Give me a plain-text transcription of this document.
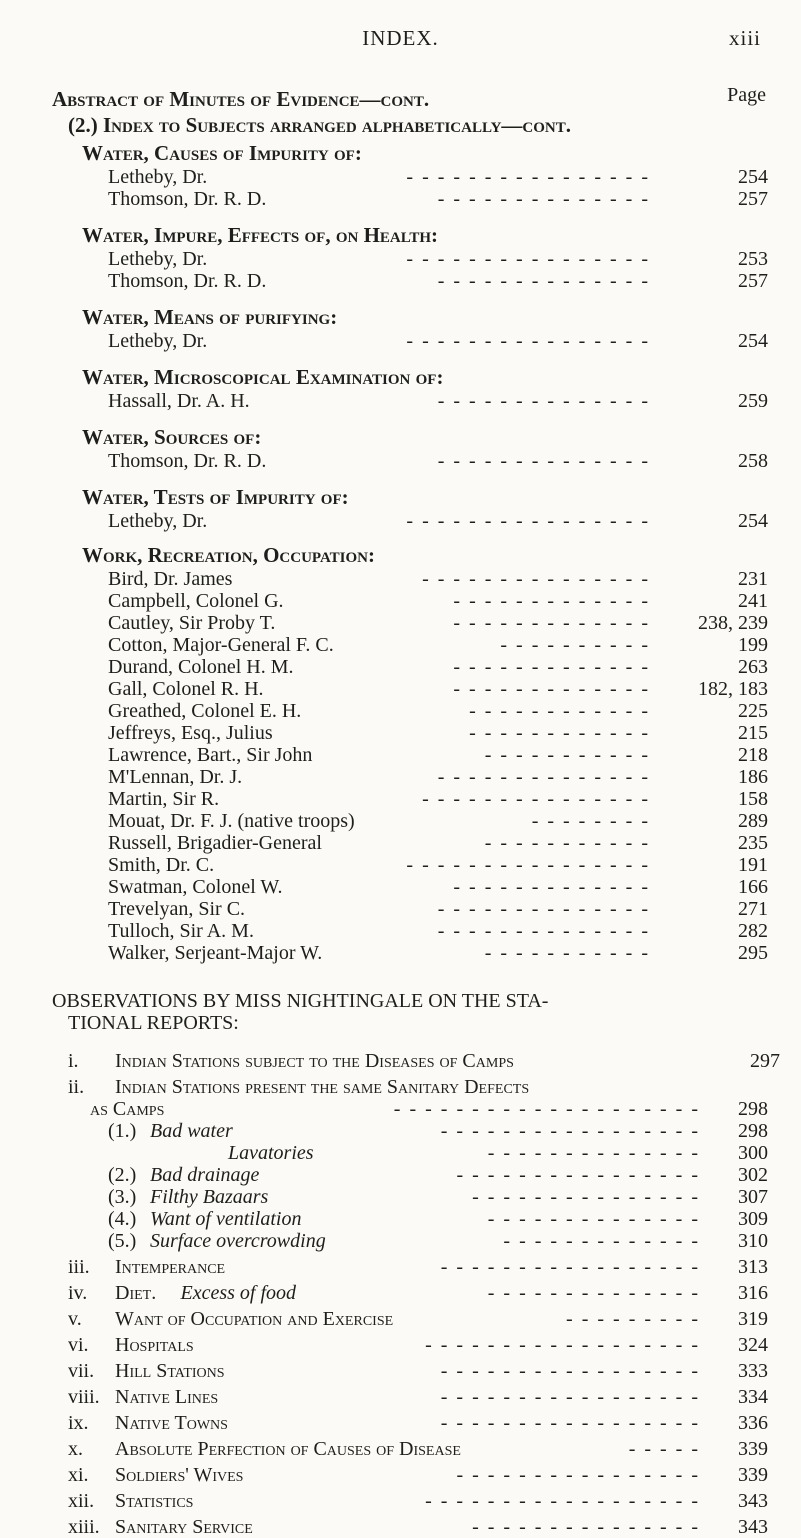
INDEX.	xiii
Abstract of Minutes of Evidence—cont.	Page
(2.) Index to Subjects arranged alphabetically—cont.
Water, Causes of Impurity of:
Letheby, Dr.	- - - - - - - - - - - - - - - -	254
Thomson, Dr. R. D.	- - - - - - - - - - - - - -	257
Water, Impure, Effects of, on Health:
Letheby, Dr.	- - - - - - - - - - - - - - - -	253
Thomson, Dr. R. D.	- - - - - - - - - - - - - -	257
Water, Means of purifying:
Letheby, Dr.	- - - - - - - - - - - - - - - -	254
Water, Microscopical Examination of:
Hassall, Dr. A. H.	- - - - - - - - - - - - - -	259
Water, Sources of:
Thomson, Dr. R. D.	- - - - - - - - - - - - - -	258
Water, Tests of Impurity of:
Letheby, Dr.	- - - - - - - - - - - - - - - -	254
Work, Recreation, Occupation:
Bird, Dr. James	- - - - - - - - - - - - - - -	231
Campbell, Colonel G.	- - - - - - - - - - - - -	241
Cautley, Sir Proby T.	- - - - - - - - - - - - - 238, 239
Cotton, Major-General F. C.	- - - - - - - - - -	199
Durand, Colonel H. M.	- - - - - - - - - - - - -	263
Gall, Colonel R. H.	- - - - - - - - - - - - - 182, 183
Greathed, Colonel E. H.	- - - - - - - - - - - -	225
Jeffreys, Esq., Julius	- - - - - - - - - - - -	215
Lawrence, Bart., Sir John	- - - - - - - - - - -	218
M'Lennan, Dr. J.	- - - - - - - - - - - - - -	186
Martin, Sir R.	- - - - - - - - - - - - - - -	158
Mouat, Dr. F. J. (native troops)	- - - - - - - -	289
Russell, Brigadier-General	- - - - - - - - - - -	235
Smith, Dr. C.	- - - - - - - - - - - - - - - -	191
Swatman, Colonel W.	- - - - - - - - - - - - -	166
Trevelyan, Sir C.	- - - - - - - - - - - - - -	271
Tulloch, Sir A. M.	- - - - - - - - - - - - - -	282
Walker, Serjeant-Major W.	- - - - - - - - - - -	295
OBSERVATIONS BY MISS NIGHTINGALE ON THE STA-
TIONAL REPORTS:
i. Indian Stations subject to the Diseases of Camps	297
ii. Indian Stations present the same Sanitary Defects
as Camps	- - - - - - - - - - - - - - - - - - - - 298
(1.) Bad water	- - - - - - - - - - - - - - - - - 298
Lavatories	- - - - - - - - - - - - - - 300
(2.) Bad drainage	- - - - - - - - - - - - - - - - 302
(3.) Filthy Bazaars	- - - - - - - - - - - - - - - 307
(4.) Want of ventilation	- - - - - - - - - - - - - - 309
(5.) Surface overcrowding	- - - - - - - - - - - - - 310
iii. Intemperance	- - - - - - - - - - - - - - - - - 313
iv. Diet. Excess of food	- - - - - - - - - - - - - - 316
v. Want of Occupation and Exercise	- - - - - - - - - 319
vi. Hospitals	- - - - - - - - - - - - - - - - - - 324
vii. Hill Stations	- - - - - - - - - - - - - - - - - 333
viii. Native Lines	- - - - - - - - - - - - - - - - - 334
ix. Native Towns	- - - - - - - - - - - - - - - - - 336
x. Absolute Perfection of Causes of Disease	- - - - - 339
xi. Soldiers' Wives	- - - - - - - - - - - - - - - - 339
xii. Statistics	- - - - - - - - - - - - - - - - - - 343
xiii. Sanitary Service	- - - - - - - - - - - - - - - 343
